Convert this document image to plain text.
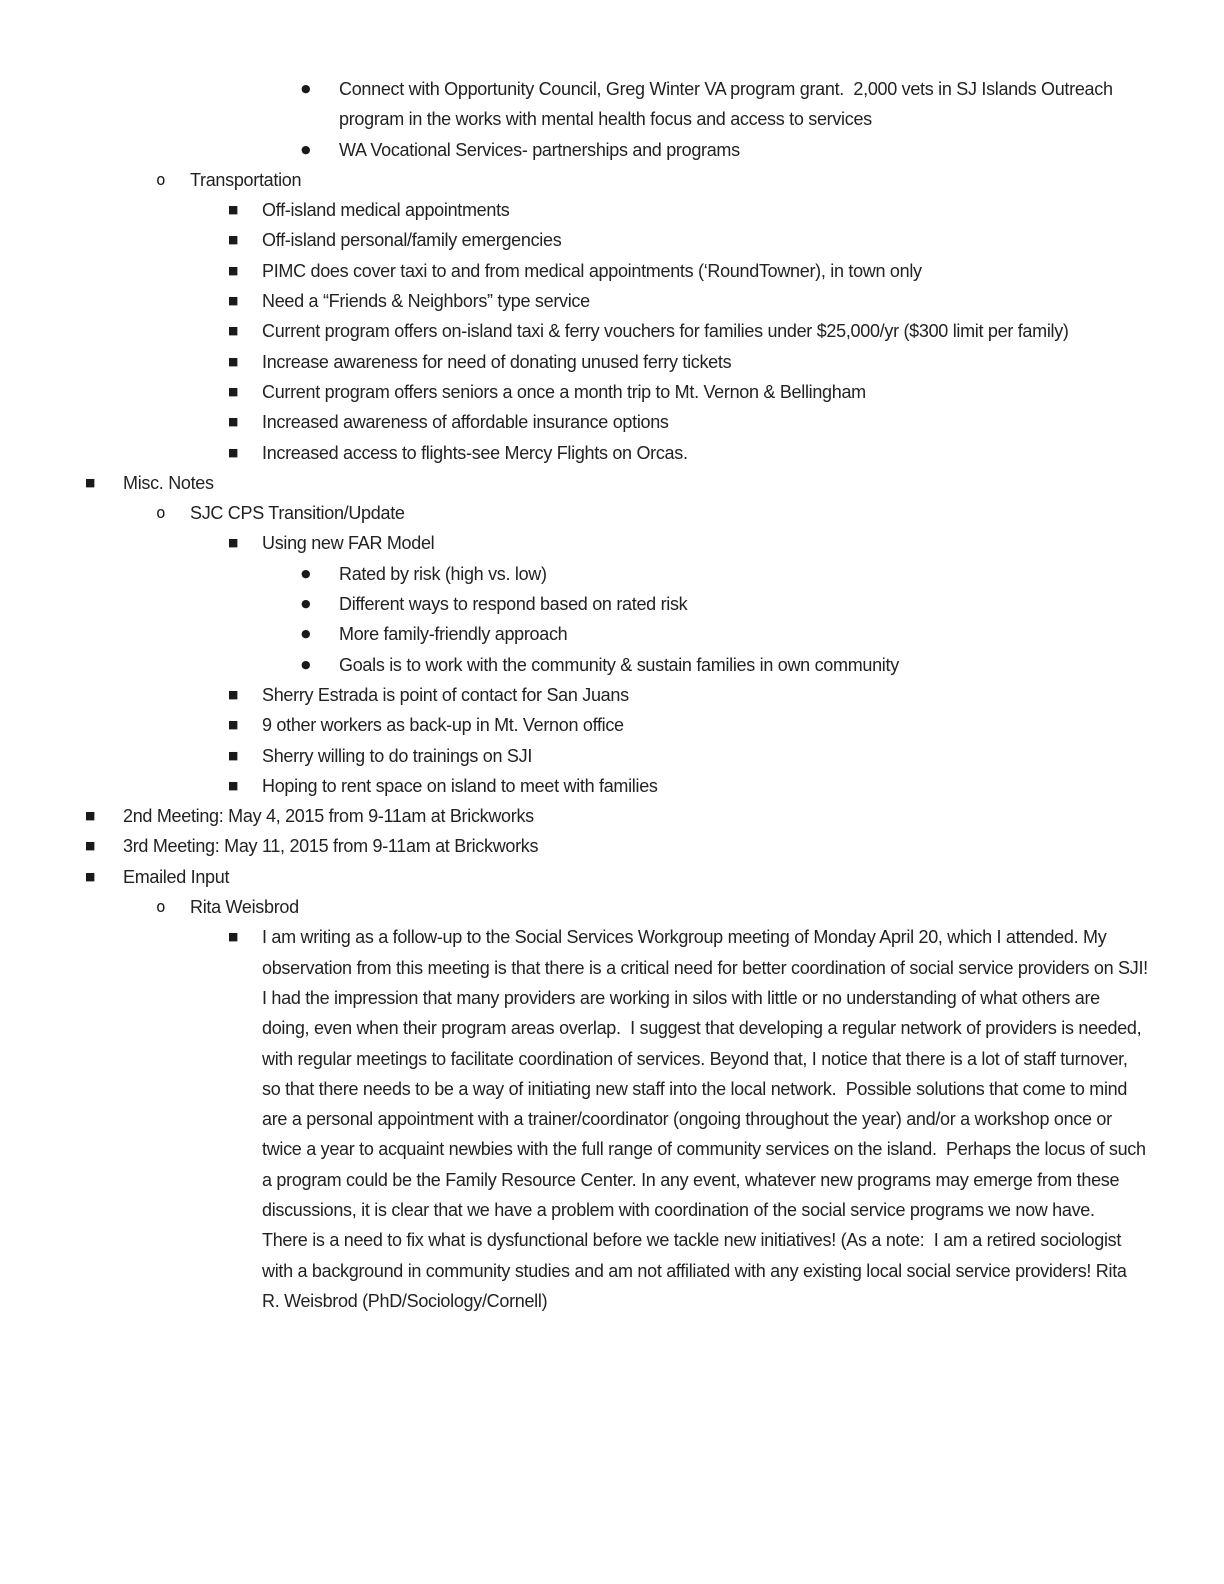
● Connect with Opportunity Council, Greg Winter VA program grant.  2,000 vets in SJ Islands Outreach program in the works with mental health focus and access to services
● WA Vocational Services- partnerships and programs
o Transportation
■ Off-island medical appointments
■ Off-island personal/family emergencies
■ PIMC does cover taxi to and from medical appointments (‘RoundTowner), in town only
■ Need a “Friends & Neighbors” type service
■ Current program offers on-island taxi & ferry vouchers for families under $25,000/yr ($300 limit per family)
■ Increase awareness for need of donating unused ferry tickets
■ Current program offers seniors a once a month trip to Mt. Vernon & Bellingham
■ Increased awareness of affordable insurance options
■ Increased access to flights-see Mercy Flights on Orcas.
■ Misc. Notes
o SJC CPS Transition/Update
■ Using new FAR Model
● Rated by risk (high vs. low)
● Different ways to respond based on rated risk
● More family-friendly approach
● Goals is to work with the community & sustain families in own community
■ Sherry Estrada is point of contact for San Juans
■ 9 other workers as back-up in Mt. Vernon office
■ Sherry willing to do trainings on SJI
■ Hoping to rent space on island to meet with families
■ 2nd Meeting: May 4, 2015 from 9-11am at Brickworks
■ 3rd Meeting: May 11, 2015 from 9-11am at Brickworks
■ Emailed Input
o Rita Weisbrod
■ I am writing as a follow-up to the Social Services Workgroup meeting of Monday April 20, which I attended. My observation from this meeting is that there is a critical need for better coordination of social service providers on SJI!  I had the impression that many providers are working in silos with little or no understanding of what others are doing, even when their program areas overlap.  I suggest that developing a regular network of providers is needed, with regular meetings to facilitate coordination of services. Beyond that, I notice that there is a lot of staff turnover, so that there needs to be a way of initiating new staff into the local network.  Possible solutions that come to mind are a personal appointment with a trainer/coordinator (ongoing throughout the year) and/or a workshop once or twice a year to acquaint newbies with the full range of community services on the island.  Perhaps the locus of such a program could be the Family Resource Center. In any event, whatever new programs may emerge from these discussions, it is clear that we have a problem with coordination of the social service programs we now have.  There is a need to fix what is dysfunctional before we tackle new initiatives! (As a note:  I am a retired sociologist with a background in community studies and am not affiliated with any existing local social service providers! Rita R. Weisbrod (PhD/Sociology/Cornell)
